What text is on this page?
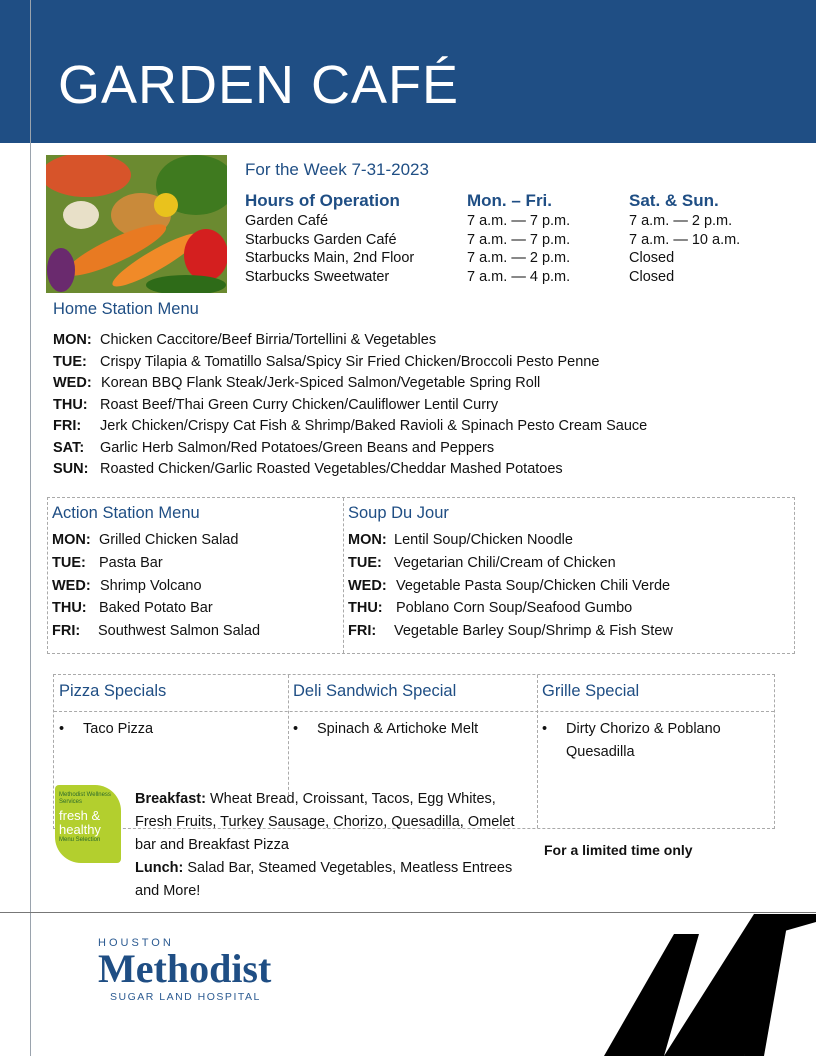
GARDEN CAFÉ
For the Week 7-31-2023
Hours of Operation	Mon. – Fri.	Sat. & Sun.
Garden Café	7 a.m. — 7 p.m.	7 a.m. — 2 p.m.
Starbucks Garden Café	7 a.m. — 7 p.m.	7 a.m. — 10 a.m.
Starbucks Main, 2nd Floor	7 a.m. — 2 p.m.	Closed
Starbucks Sweetwater	7 a.m. — 4 p.m.	Closed
Home Station Menu
MON: Chicken Caccitore/Beef Birria/Tortellini & Vegetables
TUE: Crispy Tilapia & Tomatillo Salsa/Spicy Sir Fried Chicken/Broccoli Pesto Penne
WED: Korean BBQ Flank Steak/Jerk-Spiced Salmon/Vegetable Spring Roll
THU: Roast Beef/Thai Green Curry Chicken/Cauliflower Lentil Curry
FRI: Jerk Chicken/Crispy Cat Fish & Shrimp/Baked Ravioli & Spinach Pesto Cream Sauce
SAT: Garlic Herb Salmon/Red Potatoes/Green Beans and Peppers
SUN: Roasted Chicken/Garlic Roasted Vegetables/Cheddar Mashed Potatoes
Action Station Menu
MON: Grilled Chicken Salad
TUE: Pasta Bar
WED: Shrimp Volcano
THU: Baked Potato Bar
FRI: Southwest Salmon Salad
Soup Du Jour
MON: Lentil Soup/Chicken Noodle
TUE: Vegetarian Chili/Cream of Chicken
WED: Vegetable Pasta Soup/Chicken Chili Verde
THU: Poblano Corn Soup/Seafood Gumbo
FRI: Vegetable Barley Soup/Shrimp & Fish Stew
Pizza Specials	Deli Sandwich Special	Grille Special
• Taco Pizza	• Spinach & Artichoke Melt	• Dirty Chorizo & Poblano Quesadilla
Methodist Wellness Services
fresh & healthy
Menu Selection
Breakfast: Wheat Bread, Croissant, Tacos, Egg Whites, Fresh Fruits, Turkey Sausage, Chorizo, Quesadilla, Omelet bar and Breakfast Pizza
Lunch: Salad Bar, Steamed Vegetables, Meatless Entrees and More!
For a limited time only
HOUSTON
Methodist
SUGAR LAND HOSPITAL
